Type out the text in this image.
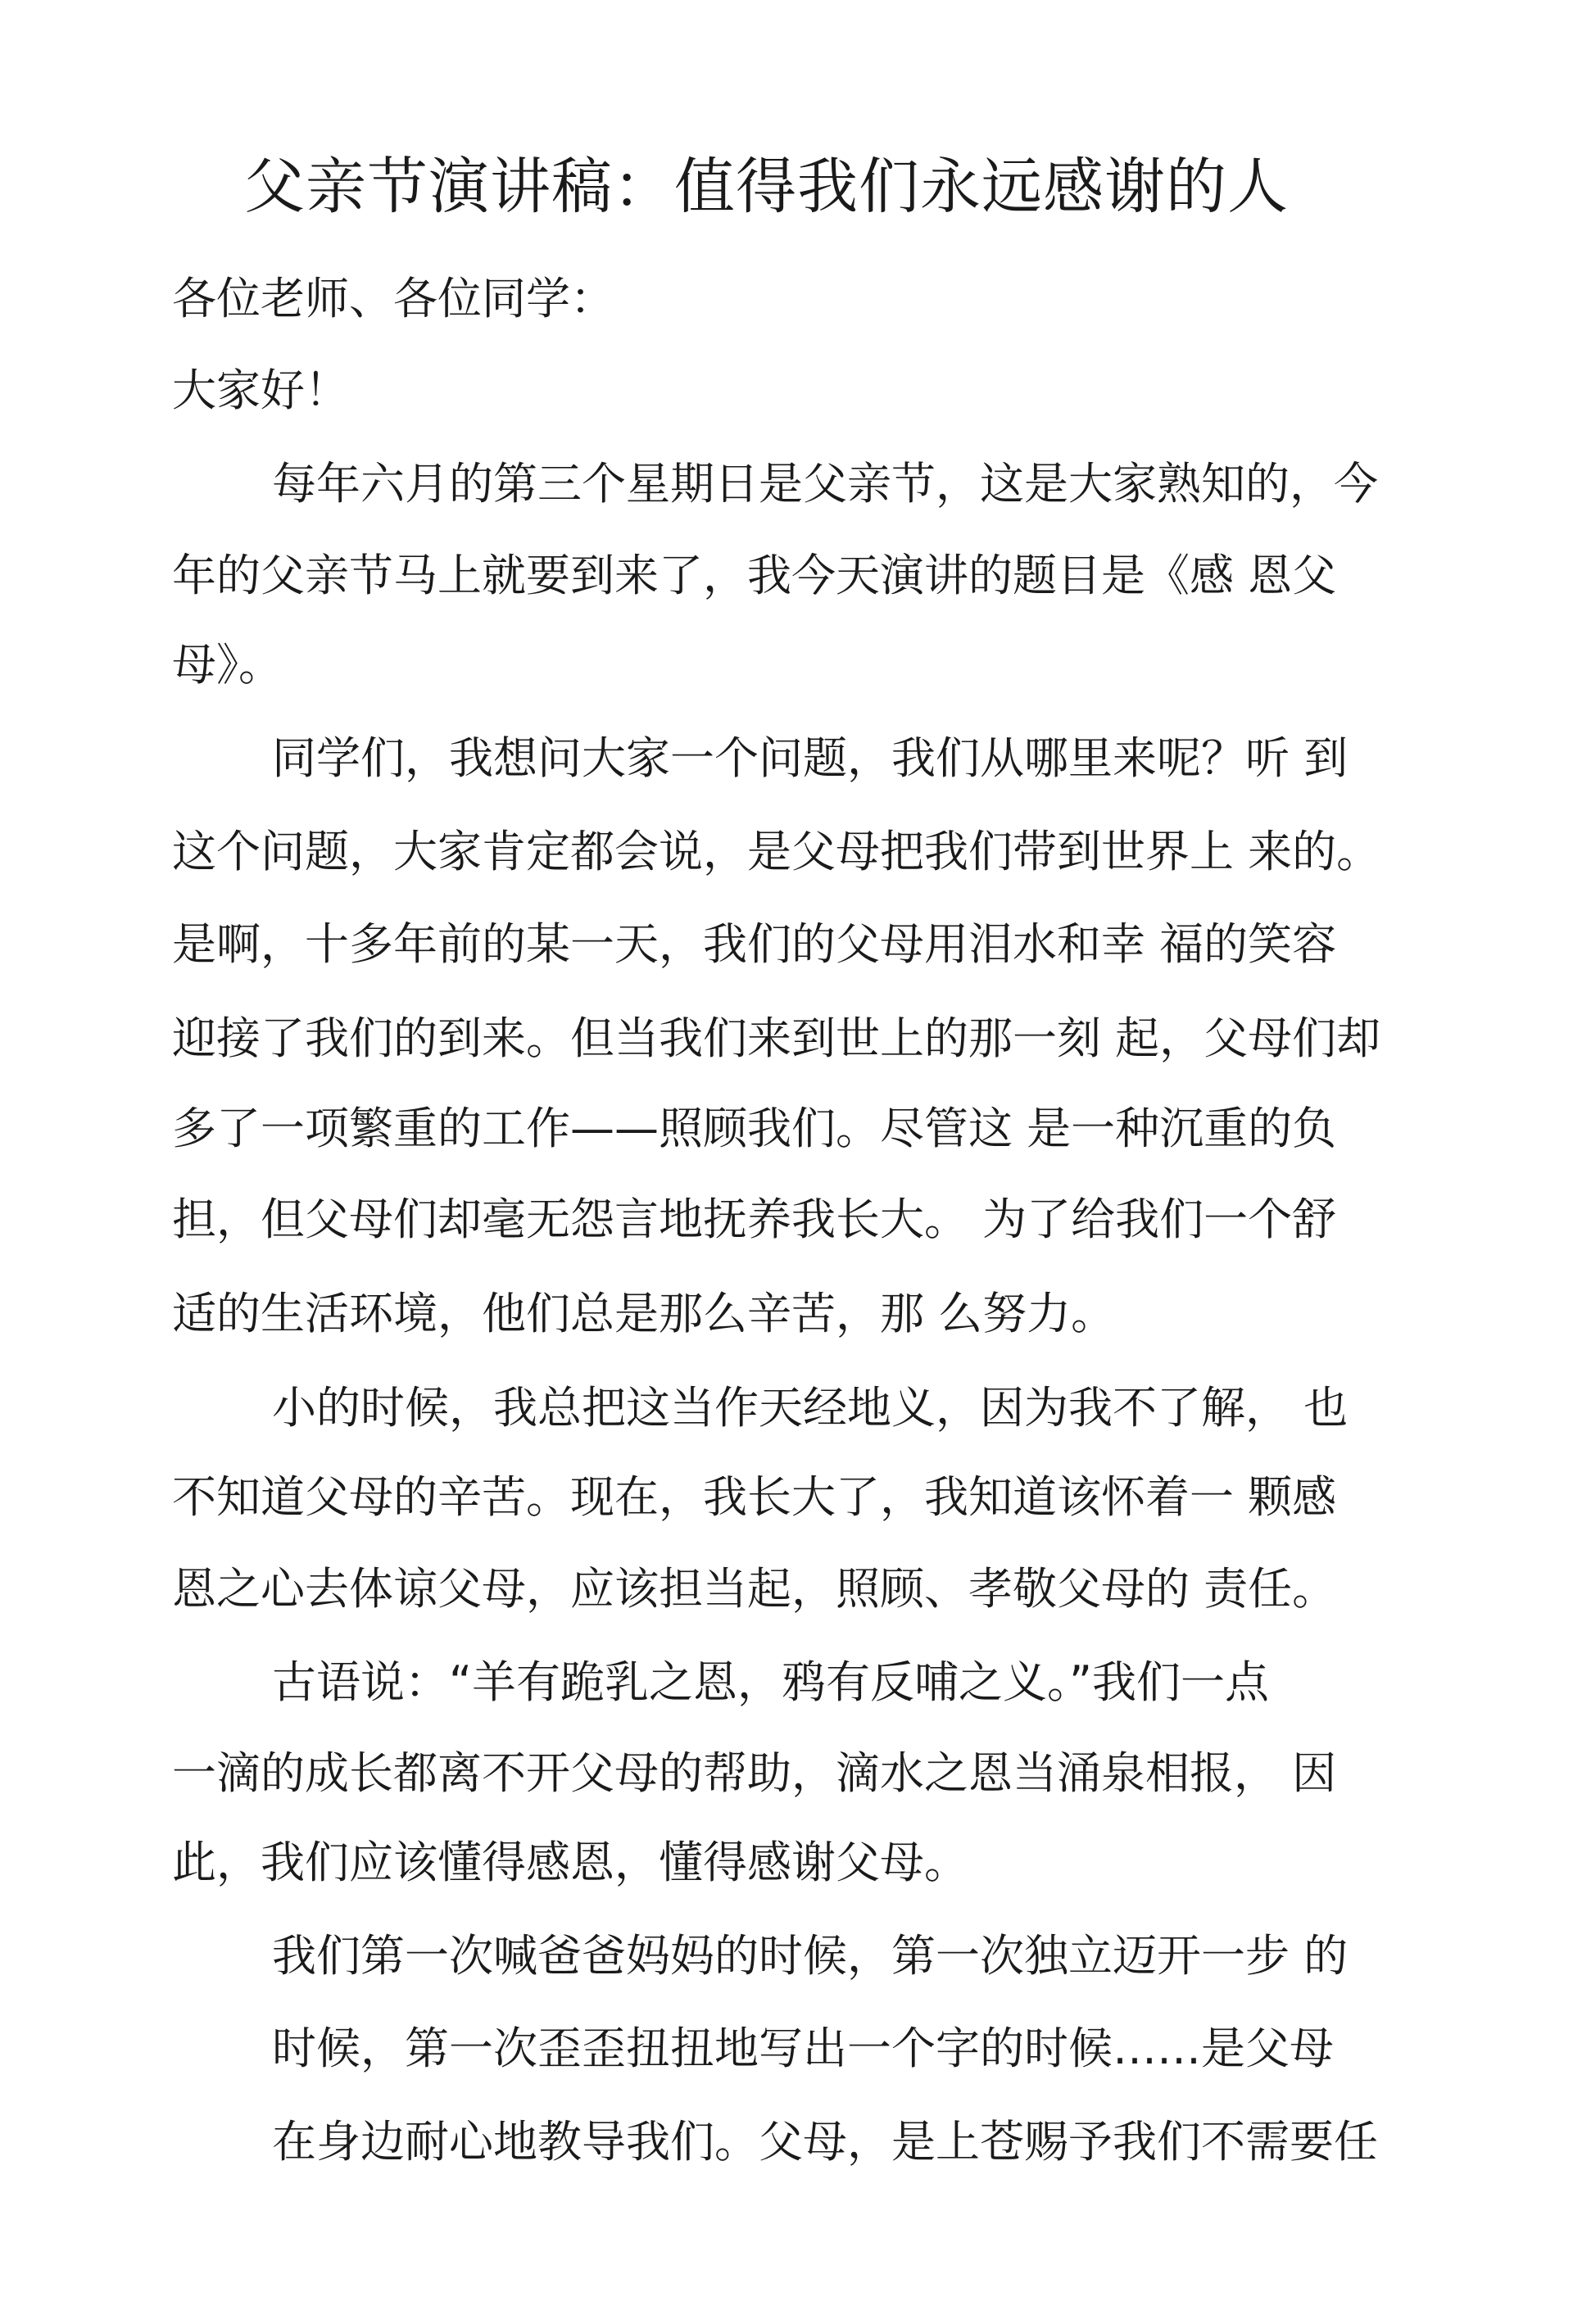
父亲节演讲稿：值得我们永远感谢的人
各位老师、各位同学：
大家好！
每年六月的第三个星期日是父亲节，这是大家熟知的，今
年的父亲节马上就要到来了，我今天演讲的题目是《感 恩父
母》。
同学们，我想问大家一个问题，我们从哪里来呢？听 到
这个问题，大家肯定都会说，是父母把我们带到世界上 来的。
是啊，十多年前的某一天，我们的父母用泪水和幸 福的笑容
迎接了我们的到来。但当我们来到世上的那一刻 起，父母们却
多了一项繁重的工作——照顾我们。尽管这 是一种沉重的负
担，但父母们却毫无怨言地抚养我长大。 为了给我们一个舒
适的生活环境，他们总是那么辛苦，那 么努力。
小的时候，我总把这当作天经地义，因为我不了解， 也
不知道父母的辛苦。现在，我长大了，我知道该怀着一 颗感
恩之心去体谅父母，应该担当起，照顾、孝敬父母的 责任。
古语说：“羊有跪乳之恩，鸦有反哺之义。”我们一点
一滴的成长都离不开父母的帮助，滴水之恩当涌泉相报， 因
此，我们应该懂得感恩，懂得感谢父母。
我们第一次喊爸爸妈妈的时候，第一次独立迈开一步 的
时候，第一次歪歪扭扭地写出一个字的时候……是父母
在身边耐心地教导我们。父母，是上苍赐予我们不需要任
